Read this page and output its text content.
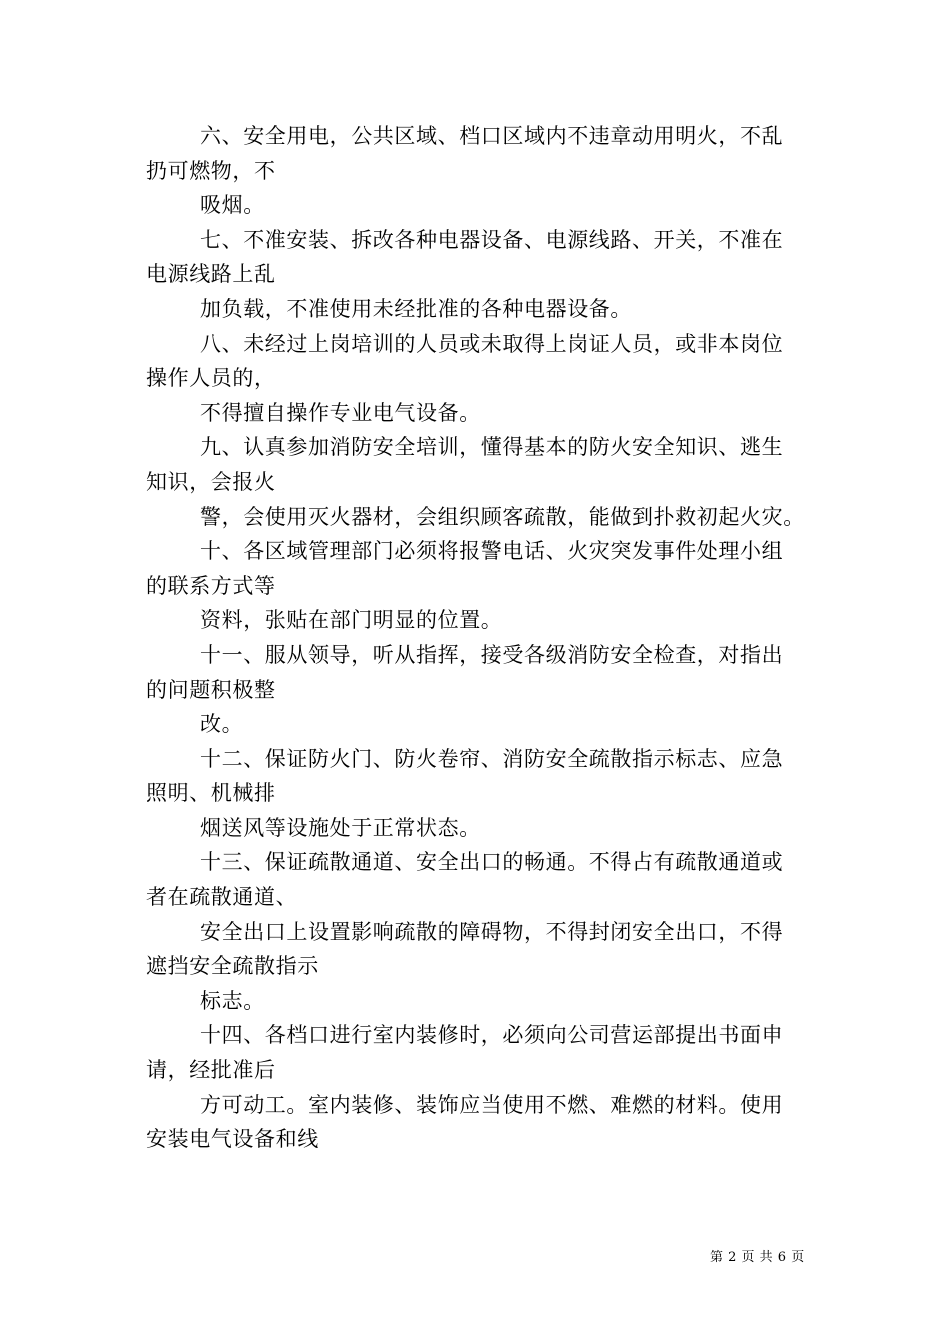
六、安全用电，公共区域、档口区域内不违章动用明火，不乱
扔可燃物，不
吸烟。
七、不准安装、拆改各种电器设备、电源线路、开关，不准在
电源线路上乱
加负载，不准使用未经批准的各种电器设备。
八、未经过上岗培训的人员或未取得上岗证人员，或非本岗位
操作人员的，
不得擅自操作专业电气设备。
九、认真参加消防安全培训，懂得基本的防火安全知识、逃生
知识，会报火
警，会使用灭火器材，会组织顾客疏散，能做到扑救初起火灾。
十、各区域管理部门必须将报警电话、火灾突发事件处理小组
的联系方式等
资料，张贴在部门明显的位置。
十一、服从领导，听从指挥，接受各级消防安全检查，对指出
的问题积极整
改。
十二、保证防火门、防火卷帘、消防安全疏散指示标志、应急
照明、机械排
烟送风等设施处于正常状态。
十三、保证疏散通道、安全出口的畅通。不得占有疏散通道或
者在疏散通道、
安全出口上设置影响疏散的障碍物，不得封闭安全出口，不得
遮挡安全疏散指示
标志。
十四、各档口进行室内装修时，必须向公司营运部提出书面申
请，经批准后
方可动工。室内装修、装饰应当使用不燃、难燃的材料。使用
安装电气设备和线
第 2 页 共 6 页
